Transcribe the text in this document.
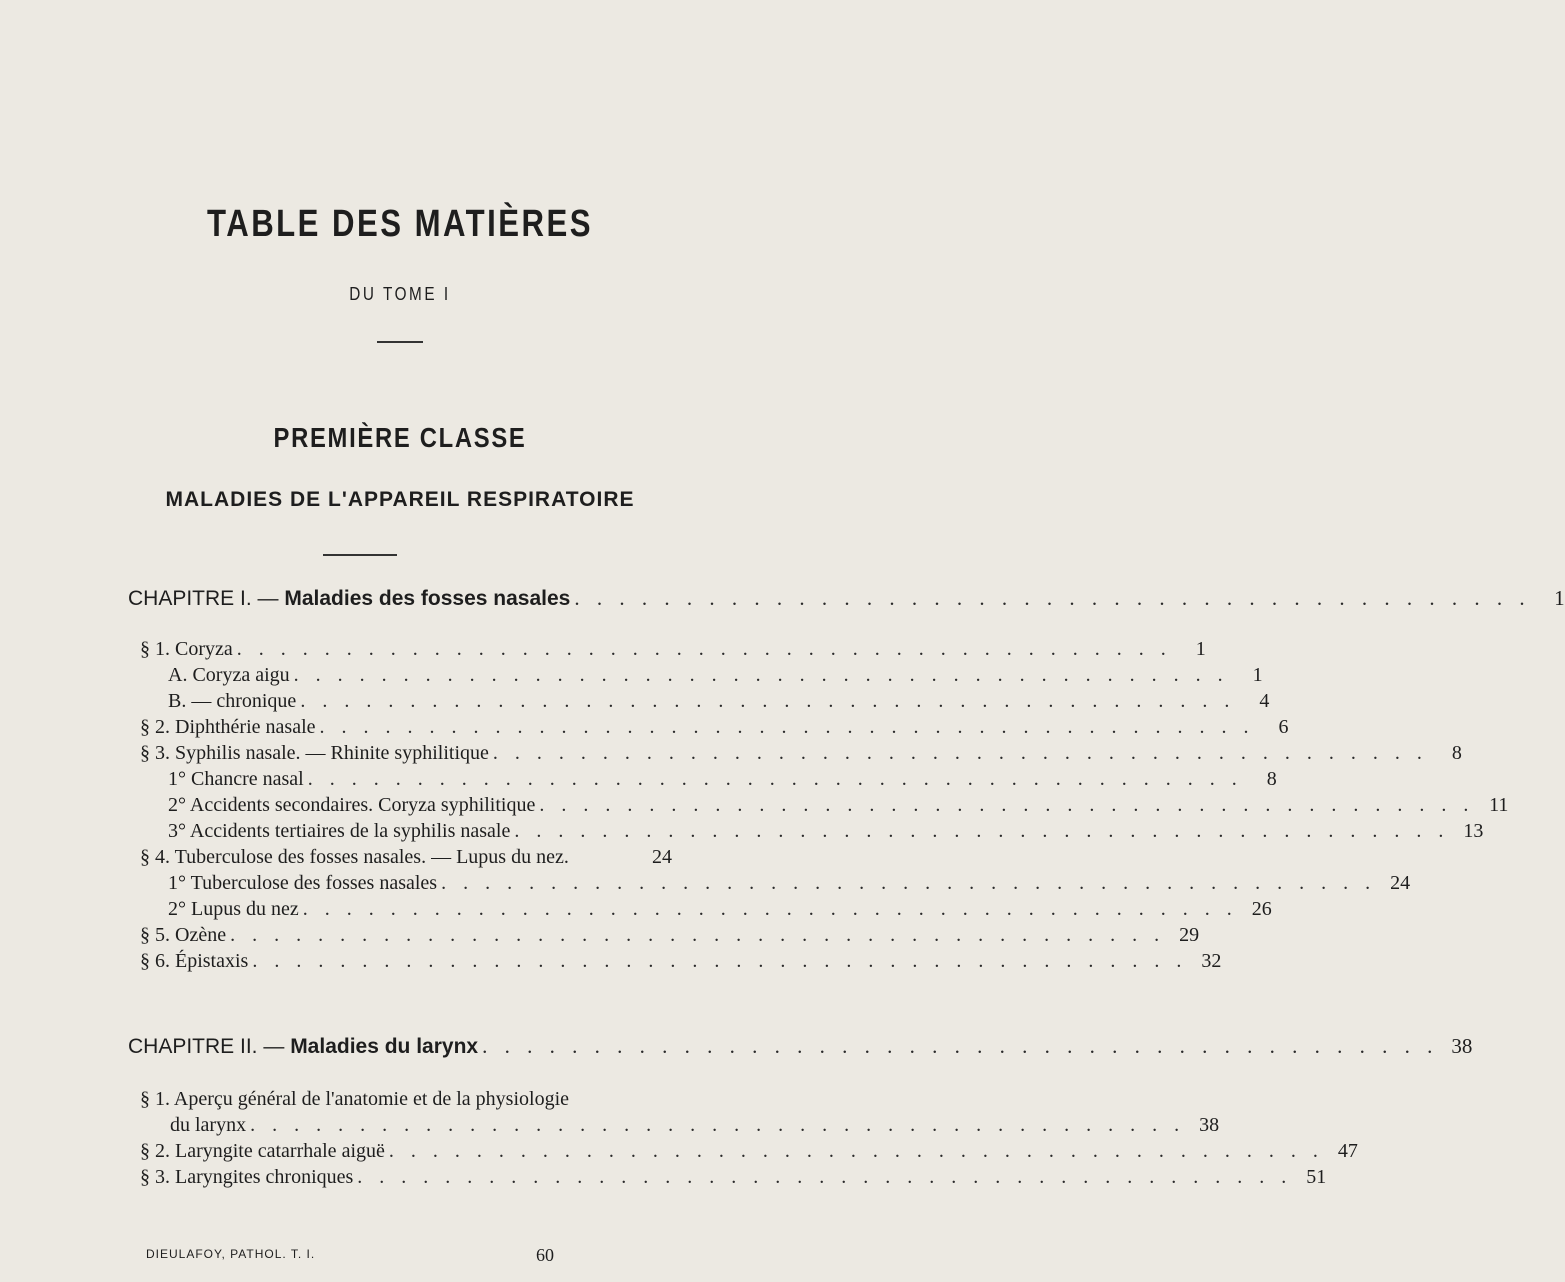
TABLE DES MATIÈRES
DU TOME I
PREMIÈRE CLASSE
MALADIES DE L'APPAREIL RESPIRATOIRE
CHAPITRE I. — Maladies des fosses nasales . . . . . . . . . . . . . . . . . . . . . . . . . . . . . . . . . . . . . . . . . . .	1
§ 1. Coryza . . . . . . . . . . . . . . . . . . . . . . . . . . . . . . . . . . . . . . . . . . .	1
A. Coryza aigu . . . . . . . . . . . . . . . . . . . . . . . . . . . . . . . . . . . . . . . . . . .	1
B. — chronique . . . . . . . . . . . . . . . . . . . . . . . . . . . . . . . . . . . . . . . . . . .	4
§ 2. Diphthérie nasale . . . . . . . . . . . . . . . . . . . . . . . . . . . . . . . . . . . . . . . . . . .	6
§ 3. Syphilis nasale. — Rhinite syphilitique . . . . . . . . . . . . . . . . . . . . . . . . . . . . . . . . . . . . . . . . . . .	8
1° Chancre nasal . . . . . . . . . . . . . . . . . . . . . . . . . . . . . . . . . . . . . . . . . . .	8
2° Accidents secondaires. Coryza syphilitique . . . . . . . . . . . . . . . . . . . . . . . . . . . . . . . . . . . . . . . . . . . 11
3° Accidents tertiaires de la syphilis nasale . . . . . . . . . . . . . . . . . . . . . . . . . . . . . . . . . . . . . . . . . . . 13
§ 4. Tuberculose des fosses nasales. — Lupus du nez.	24
1° Tuberculose des fosses nasales . . . . . . . . . . . . . . . . . . . . . . . . . . . . . . . . . . . . . . . . . . . 24
2° Lupus du nez . . . . . . . . . . . . . . . . . . . . . . . . . . . . . . . . . . . . . . . . . . . 26
§ 5. Ozène . . . . . . . . . . . . . . . . . . . . . . . . . . . . . . . . . . . . . . . . . . . 29
§ 6. Épistaxis . . . . . . . . . . . . . . . . . . . . . . . . . . . . . . . . . . . . . . . . . . . 32
CHAPITRE II. — Maladies du larynx . . . . . . . . . . . . . . . . . . . . . . . . . . . . . . . . . . . . . . . . . . . 38
§ 1. Aperçu général de l'anatomie et de la physiologie
du larynx . . . . . . . . . . . . . . . . . . . . . . . . . . . . . . . . . . . . . . . . . . . 38
§ 2. Laryngite catarrhale aiguë . . . . . . . . . . . . . . . . . . . . . . . . . . . . . . . . . . . . . . . . . . . 47
§ 3. Laryngites chroniques . . . . . . . . . . . . . . . . . . . . . . . . . . . . . . . . . . . . . . . . . . . 51
DIEULAFOY, PATHOL. T. I.	60
